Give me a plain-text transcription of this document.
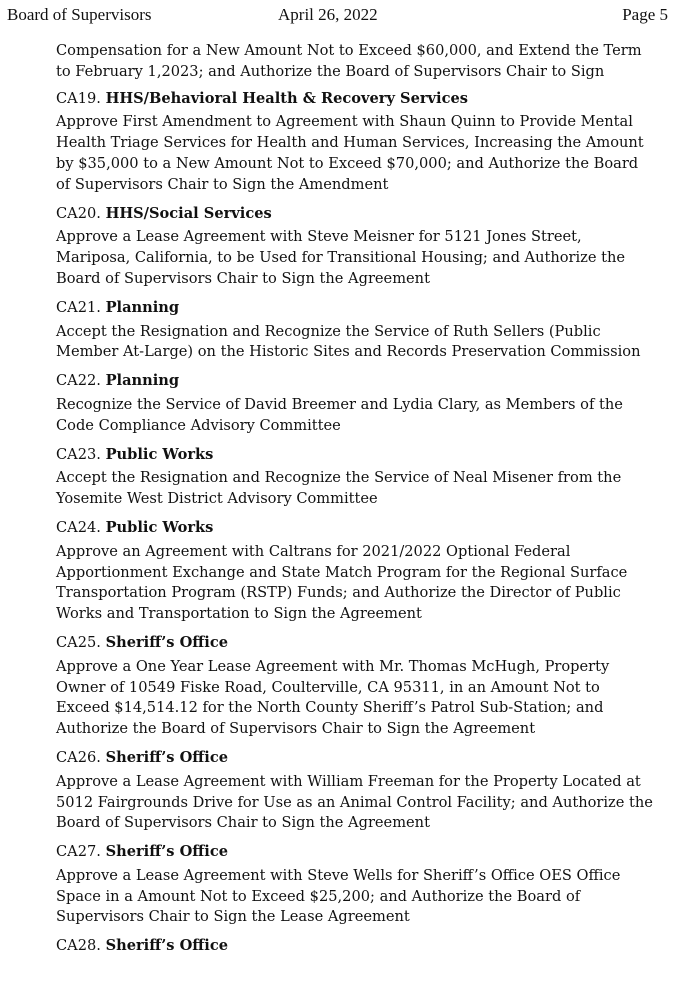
Board of Supervisors	April 26, 2022	Page 5

Compensation for a New Amount Not to Exceed $60,000, and Extend the Term to February 1,2023; and Authorize the Board of Supervisors Chair to Sign

CA19. HHS/Behavioral Health & Recovery Services

Approve First Amendment to Agreement with Shaun Quinn to Provide Mental Health Triage Services for Health and Human Services, Increasing the Amount by $35,000 to a New Amount Not to Exceed $70,000; and Authorize the Board of Supervisors Chair to Sign the Amendment

CA20. HHS/Social Services

Approve a Lease Agreement with Steve Meisner for 5121 Jones Street, Mariposa, California, to be Used for Transitional Housing; and Authorize the Board of Supervisors Chair to Sign the Agreement

CA21. Planning

Accept the Resignation and Recognize the Service of Ruth Sellers (Public Member At-Large) on the Historic Sites and Records Preservation Commission

CA22. Planning

Recognize the Service of David Breemer and Lydia Clary, as Members of the Code Compliance Advisory Committee

CA23. Public Works

Accept the Resignation and Recognize the Service of Neal Misener from the Yosemite West District Advisory Committee

CA24. Public Works

Approve an Agreement with Caltrans for 2021/2022 Optional Federal Apportionment Exchange and State Match Program for the Regional Surface Transportation Program (RSTP) Funds; and Authorize the Director of Public Works and Transportation to Sign the Agreement

CA25. Sheriff’s Office

Approve a One Year Lease Agreement with Mr. Thomas McHugh, Property Owner of 10549 Fiske Road, Coulterville, CA 95311, in an Amount Not to Exceed $14,514.12 for the North County Sheriff’s Patrol Sub-Station; and Authorize the Board of Supervisors Chair to Sign the Agreement

CA26. Sheriff’s Office

Approve a Lease Agreement with William Freeman for the Property Located at 5012 Fairgrounds Drive for Use as an Animal Control Facility; and Authorize the Board of Supervisors Chair to Sign the Agreement

CA27. Sheriff’s Office

Approve a Lease Agreement with Steve Wells for Sheriff’s Office OES Office Space in a Amount Not to Exceed $25,200; and Authorize the Board of Supervisors Chair to Sign the Lease Agreement

CA28. Sheriff’s Office
